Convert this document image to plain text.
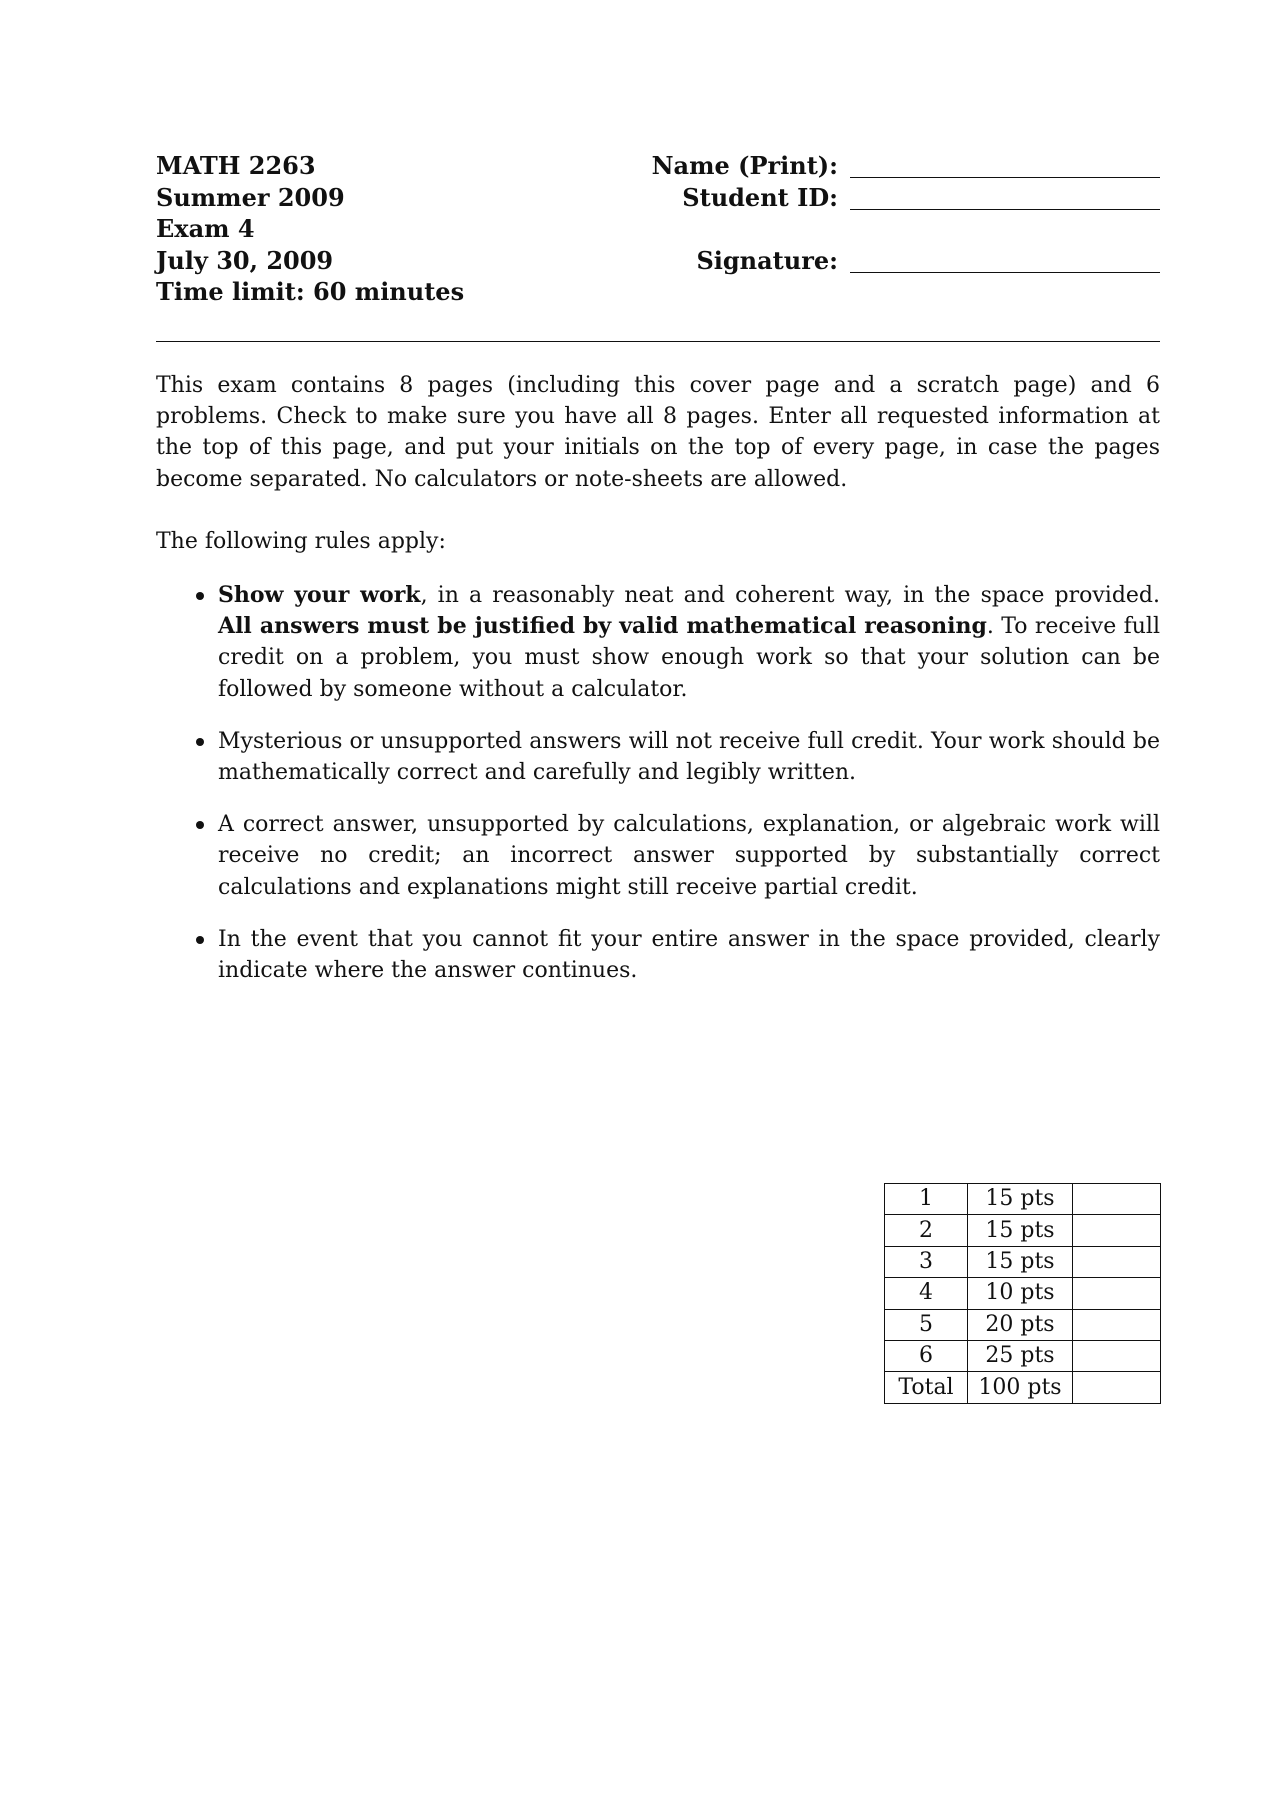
MATH 2263
Summer 2009
Exam 4
July 30, 2009
Time limit: 60 minutes
Name (Print):
Student ID:
Signature:

This exam contains 8 pages (including this cover page and a scratch page) and 6 problems. Check to make sure you have all 8 pages. Enter all requested information at the top of this page, and put your initials on the top of every page, in case the pages become separated. No calculators or note-sheets are allowed.

The following rules apply:

Show your work, in a reasonably neat and coherent way, in the space provided. All answers must be justified by valid mathematical reasoning. To receive full credit on a problem, you must show enough work so that your solution can be followed by someone without a calculator.
Mysterious or unsupported answers will not receive full credit. Your work should be mathematically correct and carefully and legibly written.
A correct answer, unsupported by calculations, explanation, or algebraic work will receive no credit; an incorrect answer supported by substantially correct calculations and explanations might still receive partial credit.
In the event that you cannot fit your entire answer in the space provided, clearly indicate where the answer continues.
1	15 pts	
2	15 pts	
3	15 pts	
4	10 pts	
5	20 pts	
6	25 pts	
Total	100 pts	
